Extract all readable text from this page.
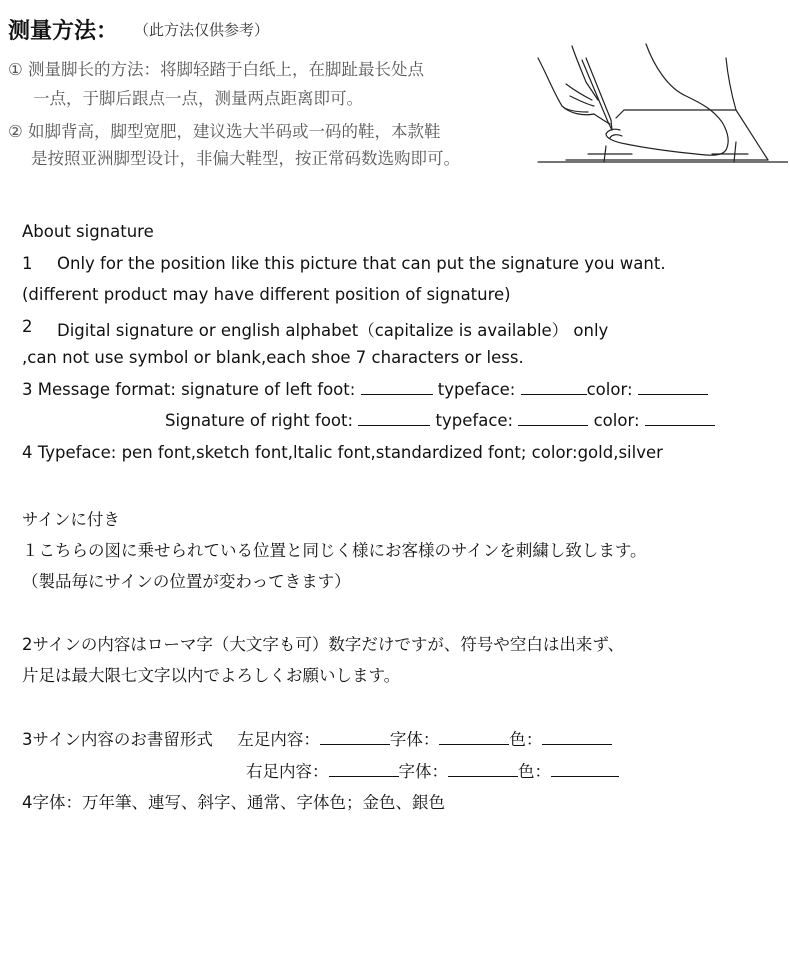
测量方法： （此方法仅供参考）
① 测量脚长的方法：将脚轻踏于白纸上，在脚趾最长处点
一点，于脚后跟点一点，测量两点距离即可。
② 如脚背高，脚型宽肥，建议选大半码或一码的鞋，本款鞋
是按照亚洲脚型设计，非偏大鞋型，按正常码数选购即可。
About signature
1 Only for the position like this picture that can put the signature you want.
(different product may have different position of signature)
2 Digital signature or english alphabet（capitalize is available） only
,can not use symbol or blank,each shoe 7 characters or less.
3 Message format: signature of left foot:	typeface:	color:
Signature of right foot:	typeface:	color:
4 Typeface: pen font,sketch font,ltalic font,standardized font; color:gold,silver
サインに付き
１こちらの図に乗せられている位置と同じく様にお客様のサインを刺繍し致します。
（製品毎にサインの位置が変わってきます）
2サインの内容はローマ字（大文字も可）数字だけですが、符号や空白は出来ず、
片足は最大限七文字以内でよろしくお願いします。
3サイン内容のお書留形式 左足内容：	字体：	色：
右足内容：	字体：	色：
4字体：万年筆、連写、斜字、通常、字体色；金色、銀色
